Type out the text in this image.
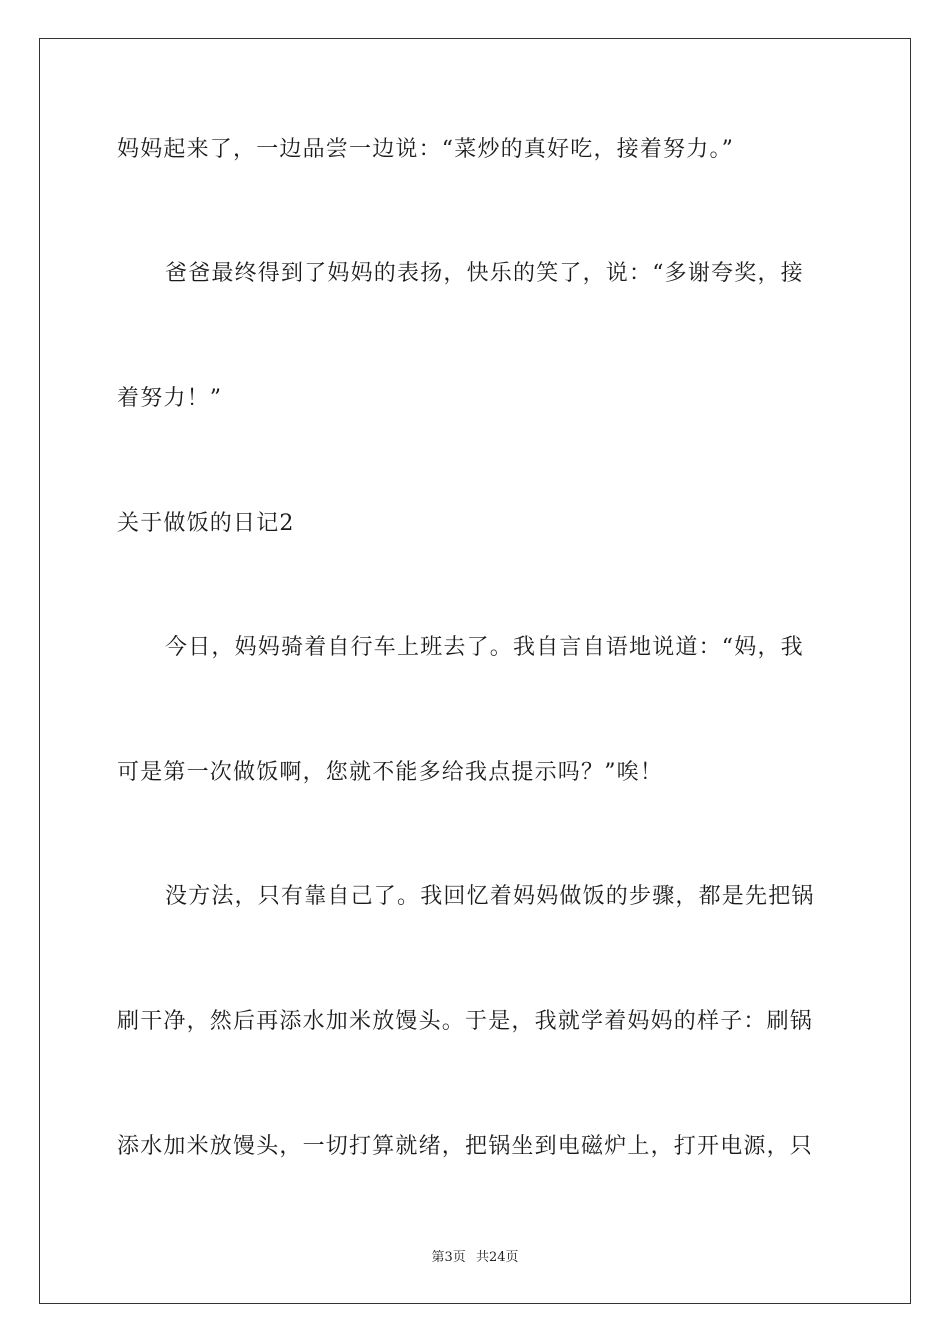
妈妈起来了，一边品尝一边说：“菜炒的真好吃，接着努力。”
爸爸最终得到了妈妈的表扬，快乐的笑了，说：“多谢夸奖，接
着努力！”
关于做饭的日记2
今日，妈妈骑着自行车上班去了。我自言自语地说道：“妈，我
可是第一次做饭啊，您就不能多给我点提示吗？”唉！
没方法，只有靠自己了。我回忆着妈妈做饭的步骤，都是先把锅
刷干净，然后再添水加米放馒头。于是，我就学着妈妈的样子：刷锅
添水加米放馒头，一切打算就绪，把锅坐到电磁炉上，打开电源，只
第3页 共24页
